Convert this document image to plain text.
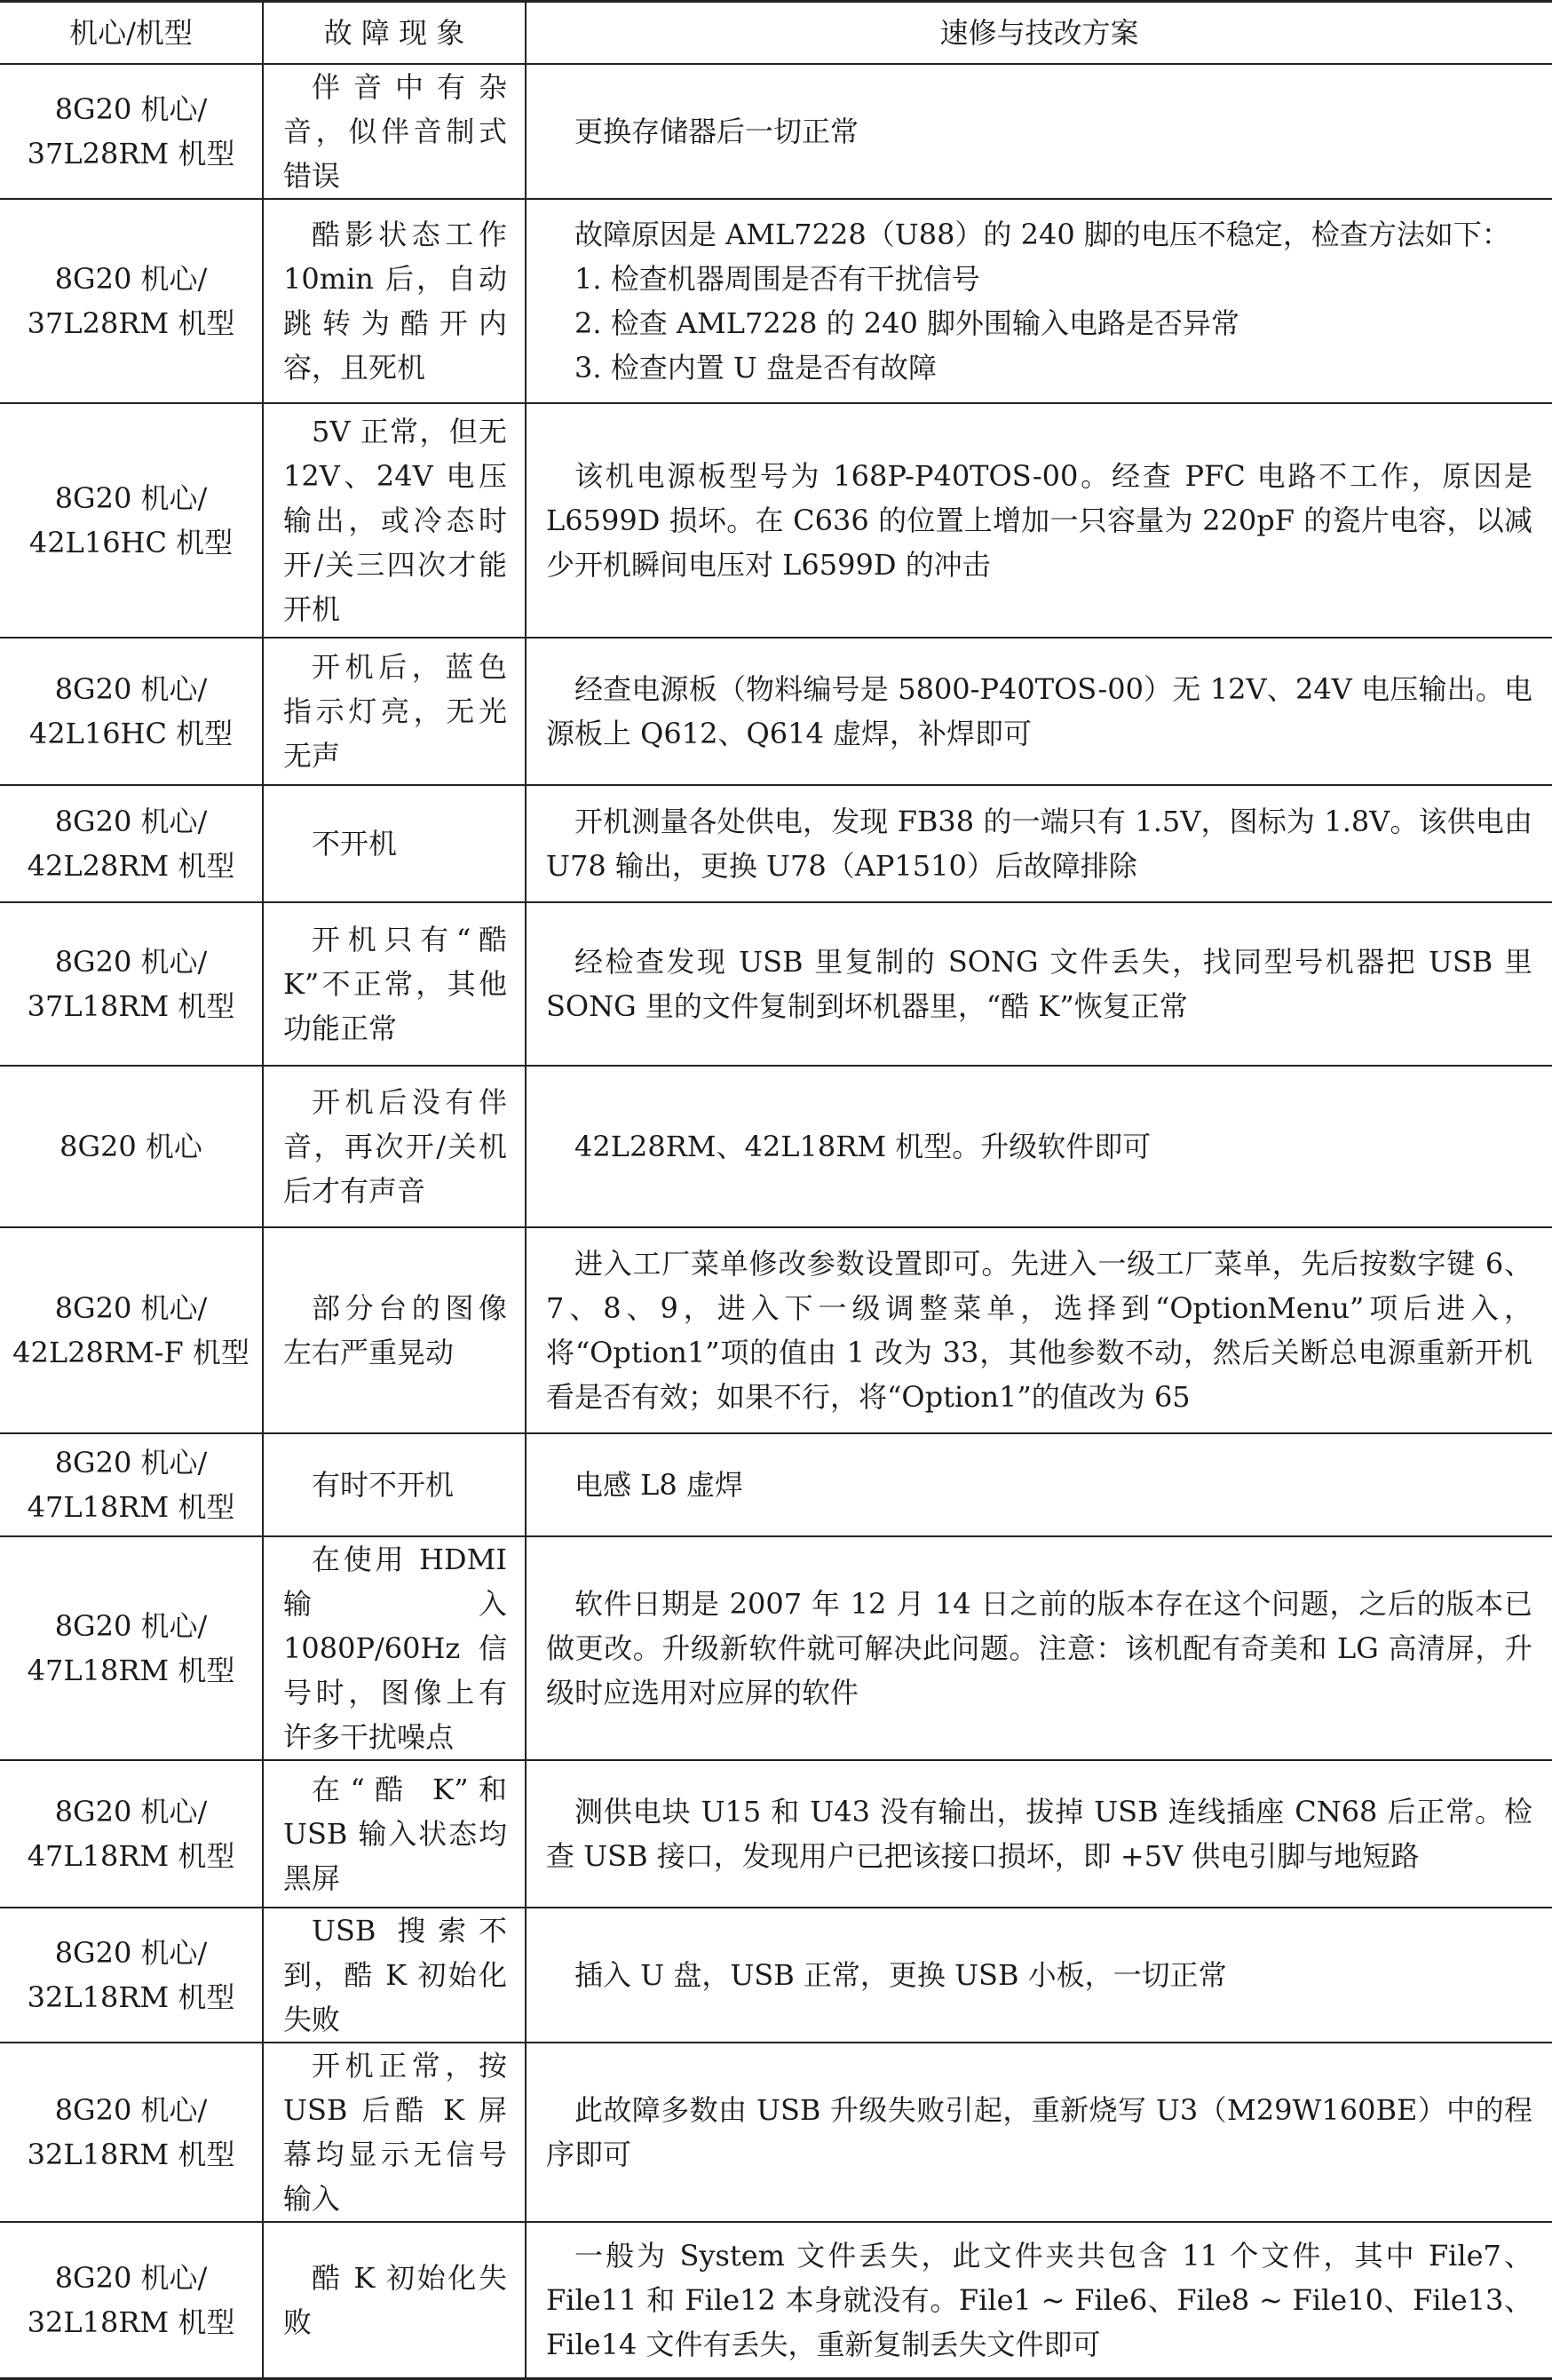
机心/机型	故 障 现 象	速修与技改方案

8G20 机心/
37L28RM 机型	伴音中有杂音，似伴音制式错误	更换存储器后一切正常

8G20 机心/
37L28RM 机型	酷影状态工作 10min 后，自动跳转为酷开内容，且死机	故障原因是 AML7228（U88）的 240 脚的电压不稳定，检查方法如下：
1. 检查机器周围是否有干扰信号
2. 检查 AML7228 的 240 脚外围输入电路是否异常
3. 检查内置 U 盘是否有故障

8G20 机心/
42L16HC 机型	5V 正常，但无 12V、24V 电压输出，或冷态时开/关三四次才能开机	该机电源板型号为 168P-P40TOS-00。经查 PFC 电路不工作，原因是 L6599D 损坏。在 C636 的位置上增加一只容量为 220pF 的瓷片电容，以减少开机瞬间电压对 L6599D 的冲击

8G20 机心/
42L16HC 机型	开机后，蓝色指示灯亮，无光无声	经查电源板（物料编号是 5800-P40TOS-00）无 12V、24V 电压输出。电源板上 Q612、Q614 虚焊，补焊即可

8G20 机心/
42L28RM 机型	不开机	开机测量各处供电，发现 FB38 的一端只有 1.5V，图标为 1.8V。该供电由 U78 输出，更换 U78（AP1510）后故障排除

8G20 机心/
37L18RM 机型	开机只有“酷K”不正常，其他功能正常	经检查发现 USB 里复制的 SONG 文件丢失，找同型号机器把 USB 里 SONG 里的文件复制到坏机器里，“酷 K”恢复正常

8G20 机心	开机后没有伴音，再次开/关机后才有声音	42L28RM、42L18RM 机型。升级软件即可

8G20 机心/
42L28RM-F 机型	部分台的图像左右严重晃动	进入工厂菜单修改参数设置即可。先进入一级工厂菜单，先后按数字键 6、7、8、9，进入下一级调整菜单，选择到“OptionMenu”项后进入，将“Option1”项的值由 1 改为 33，其他参数不动，然后关断总电源重新开机看是否有效；如果不行，将“Option1”的值改为 65

8G20 机心/
47L18RM 机型	有时不开机	电感 L8 虚焊

8G20 机心/
47L18RM 机型	在使用 HDMI 输入 1080P/60Hz 信号时，图像上有许多干扰噪点	软件日期是 2007 年 12 月 14 日之前的版本存在这个问题，之后的版本已做更改。升级新软件就可解决此问题。注意：该机配有奇美和 LG 高清屏，升级时应选用对应屏的软件

8G20 机心/
47L18RM 机型	在“酷 K”和 USB 输入状态均黑屏	测供电块 U15 和 U43 没有输出，拔掉 USB 连线插座 CN68 后正常。检查 USB 接口，发现用户已把该接口损坏，即 +5V 供电引脚与地短路

8G20 机心/
32L18RM 机型	USB 搜索不到，酷 K 初始化失败	插入 U 盘，USB 正常，更换 USB 小板，一切正常

8G20 机心/
32L18RM 机型	开机正常，按 USB 后酷 K 屏幕均显示无信号输入	此故障多数由 USB 升级失败引起，重新烧写 U3（M29W160BE）中的程序即可

8G20 机心/
32L18RM 机型	酷 K 初始化失败	一般为 System 文件丢失，此文件夹共包含 11 个文件，其中 File7、File11 和 File12 本身就没有。File1 ~ File6、File8 ~ File10、File13、File14 文件有丢失，重新复制丢失文件即可
